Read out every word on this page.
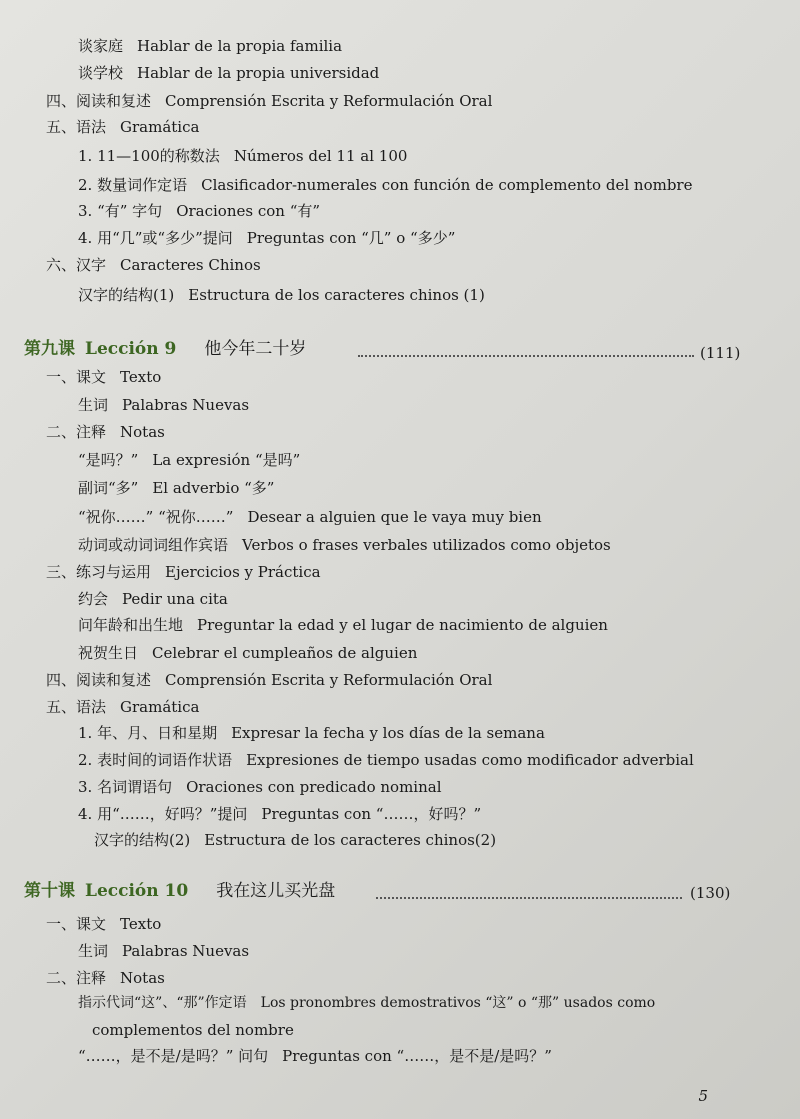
谈家庭 Hablar de la propia familia
谈学校 Hablar de la propia universidad
四、阅读和复述 Comprensión Escrita y Reformulación Oral
五、语法 Gramática
1. 11—100的称数法 Números del 11 al 100
2. 数量词作定语 Clasificador-numerales con función de complemento del nombre
3. “有” 字句 Oraciones con “有”
4. 用“几”或“多少”提问 Preguntas con “几” o “多少”
六、汉字 Caracteres Chinos
汉字的结构(1) Estructura de los caracteres chinos (1)
第九课 Lección 9 他今年二十岁	(111)
一、课文 Texto
生词 Palabras Nuevas
二、注释 Notas
“是吗？” La expresión “是吗”
副词“多” El adverbio “多”
“祝你……” “祝你……” Desear a alguien que le vaya muy bien
动词或动词词组作宾语 Verbos o frases verbales utilizados como objetos
三、练习与运用 Ejercicios y Práctica
约会 Pedir una cita
问年龄和出生地 Preguntar la edad y el lugar de nacimiento de alguien
祝贺生日 Celebrar el cumpleaños de alguien
四、阅读和复述 Comprensión Escrita y Reformulación Oral
五、语法 Gramática
1. 年、月、日和星期 Expresar la fecha y los días de la semana
2. 表时间的词语作状语 Expresiones de tiempo usadas como modificador adverbial
3. 名词谓语句 Oraciones con predicado nominal
4. 用“……，好吗？”提问 Preguntas con “……，好吗？”
汉字的结构(2) Estructura de los caracteres chinos(2)
第十课 Lección 10 我在这儿买光盘	(130)
一、课文 Texto
生词 Palabras Nuevas
二、注释 Notas
指示代词“这”、“那”作定语 Los pronombres demostrativos “这” o “那” usados como
complementos del nombre
“……，是不是/是吗？” 问句 Preguntas con “……，是不是/是吗？”
5
